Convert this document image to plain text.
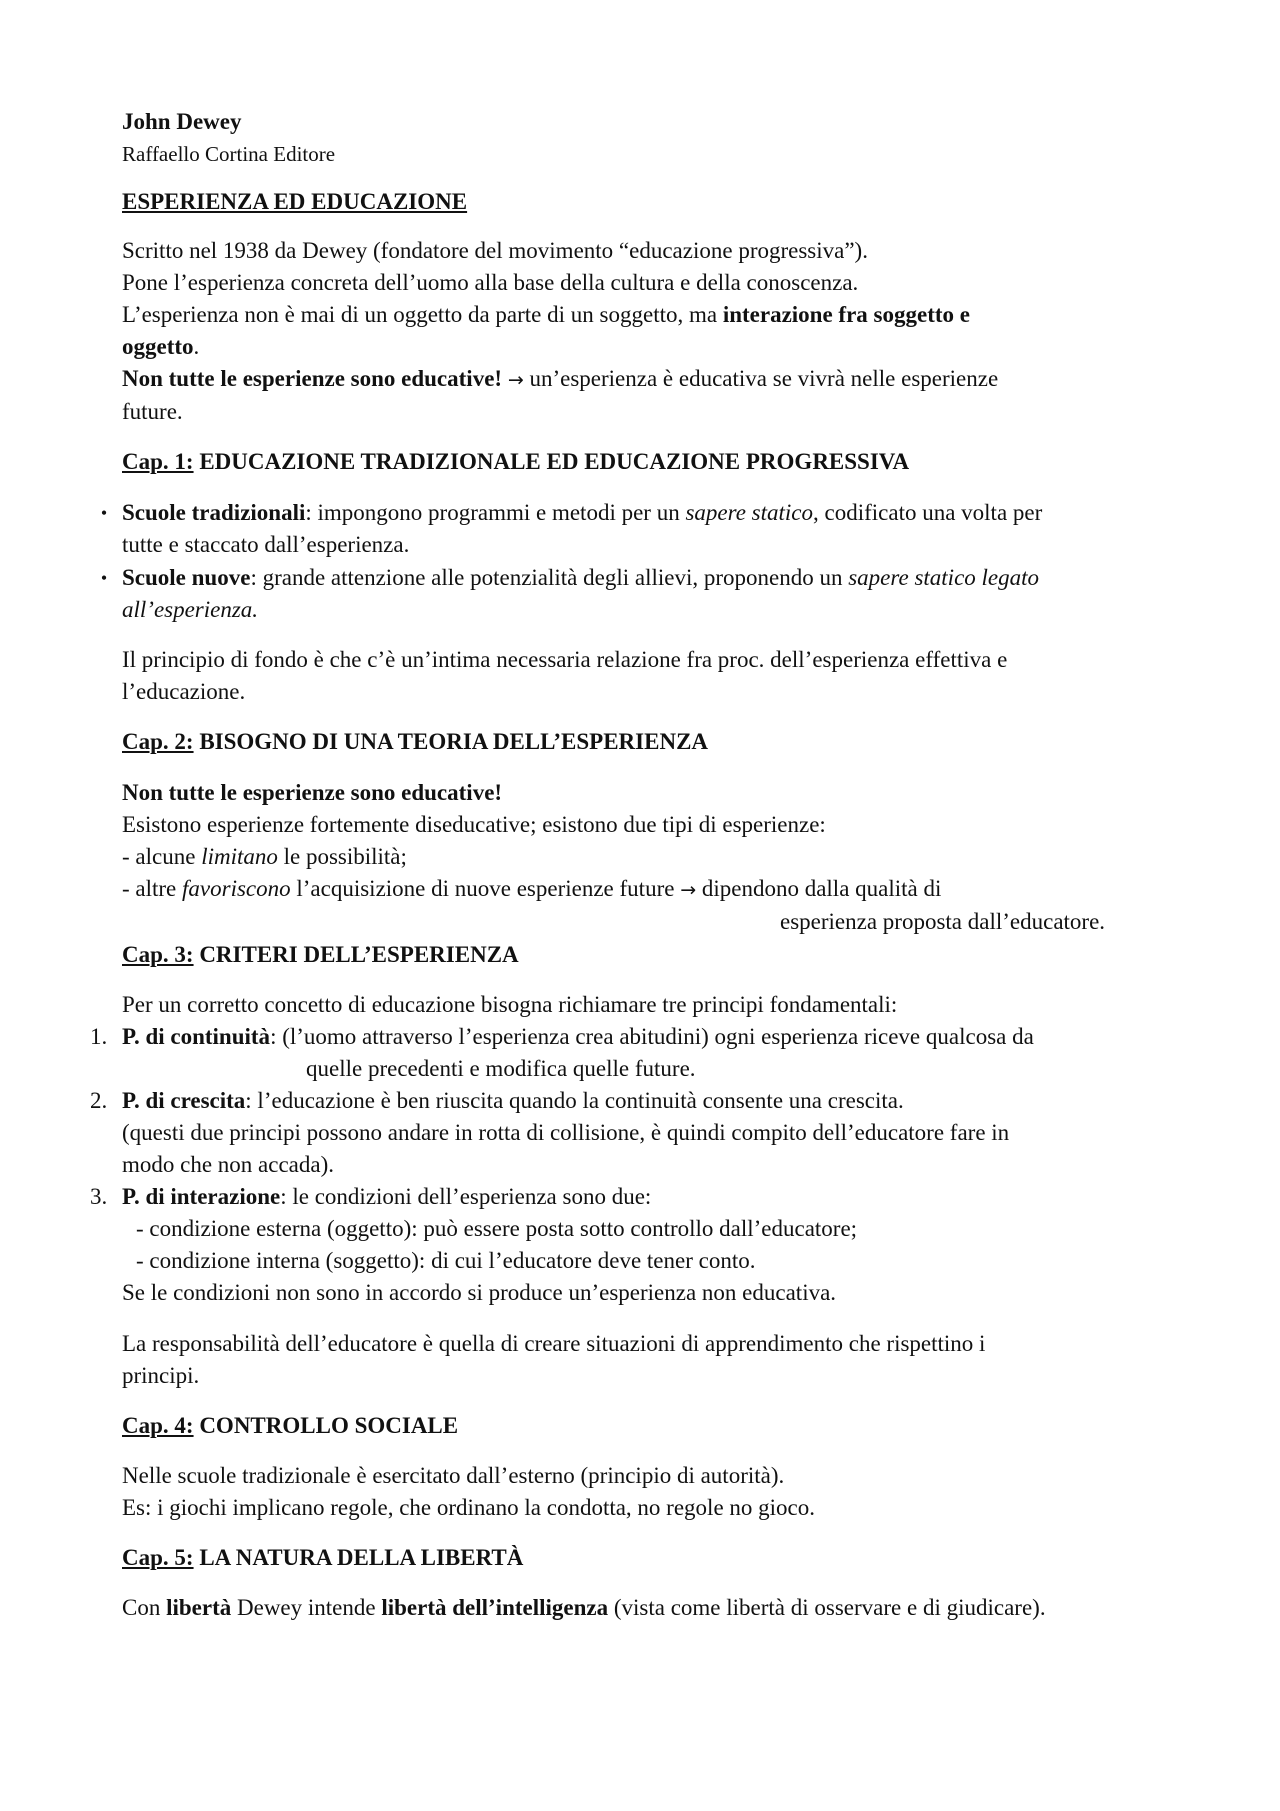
John Dewey

Raffaello Cortina Editore

ESPERIENZA ED EDUCAZIONE

Scritto nel 1938 da Dewey (fondatore del movimento “educazione progressiva”).

Pone l’esperienza concreta dell’uomo alla base della cultura e della conoscenza.

L’esperienza non è mai di un oggetto da parte di un soggetto, ma interazione fra soggetto e

oggetto.

Non tutte le esperienze sono educative! → un’esperienza è educativa se vivrà nelle esperienze

future.

Cap. 1: EDUCAZIONE TRADIZIONALE ED EDUCAZIONE PROGRESSIVA

• Scuole tradizionali: impongono programmi e metodi per un sapere statico, codificato una volta per

tutte e staccato dall’esperienza.

• Scuole nuove: grande attenzione alle potenzialità degli allievi, proponendo un sapere statico legato

all’esperienza.

Il principio di fondo è che c’è un’intima necessaria relazione fra proc. dell’esperienza effettiva e

l’educazione.

Cap. 2: BISOGNO DI UNA TEORIA DELL’ESPERIENZA

Non tutte le esperienze sono educative!

Esistono esperienze fortemente diseducative; esistono due tipi di esperienze:

- alcune limitano le possibilità;

- altre favoriscono l’acquisizione di nuove esperienze future → dipendono dalla qualità di

esperienza proposta dall’educatore.

Cap. 3: CRITERI DELL’ESPERIENZA

Per un corretto concetto di educazione bisogna richiamare tre principi fondamentali:

1. P. di continuità: (l’uomo attraverso l’esperienza crea abitudini) ogni esperienza riceve qualcosa da

quelle precedenti e modifica quelle future.

2. P. di crescita: l’educazione è ben riuscita quando la continuità consente una crescita.

(questi due principi possono andare in rotta di collisione, è quindi compito dell’educatore fare in

modo che non accada).

3. P. di interazione: le condizioni dell’esperienza sono due:

- condizione esterna (oggetto): può essere posta sotto controllo dall’educatore;

- condizione interna (soggetto): di cui l’educatore deve tener conto.

Se le condizioni non sono in accordo si produce un’esperienza non educativa.

La responsabilità dell’educatore è quella di creare situazioni di apprendimento che rispettino i

principi.

Cap. 4: CONTROLLO SOCIALE

Nelle scuole tradizionale è esercitato dall’esterno (principio di autorità).

Es: i giochi implicano regole, che ordinano la condotta, no regole no gioco.

Cap. 5: LA NATURA DELLA LIBERTÀ

Con libertà Dewey intende libertà dell’intelligenza (vista come libertà di osservare e di giudicare).
